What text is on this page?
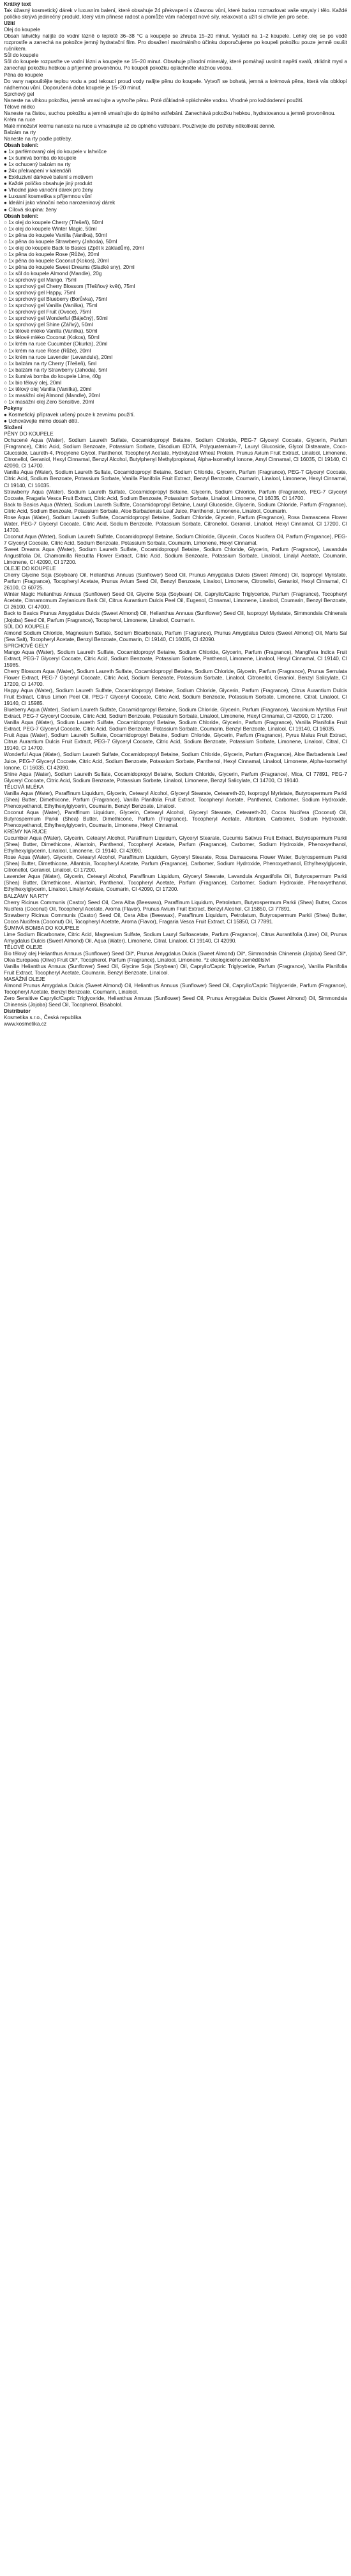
Krátký text
Tak úžasný kosmetický dárek v luxusním balení, které obsahuje 24 překvapení s úžasnou vůní, které budou rozmazlovat vaše smysly i tělo. Každé políčko skrývá jedinečný produkt, který vám přinese radost a pomůže vám načerpat nové síly, relaxovat a užít si chvíle jen pro sebe.
Užití
Olej do koupele
Obsah lahvičky nalijte do vodní lázně o teplotě 36–38 °C a koupejte se zhruba 15–20 minut. Vystačí na 1–2 koupele. Lehký olej se po vodě rozprostře a zanechá na pokožce jemný hydratační film. Pro dosažení maximálního účinku doporučujeme po koupeli pokožku pouze jemně osušit ručníkem.
Sůl do koupele
Sůl do koupele rozpusťte ve vodní lázni a koupejte se 15–20 minut. Obsahuje přírodní minerály, které pomáhají uvolnit napětí svalů, zklidnit mysl a zanechají pokožku hebkou a příjemně provoněnou. Po koupeli pokožku opláchněte vlažnou vodou.
Pěna do koupele
Do vany napouštějte teplou vodu a pod tekoucí proud vody nalijte pěnu do koupele. Vytvoří se bohatá, jemná a krémová pěna, která vás obklopí nádhernou vůní. Doporučená doba koupele je 15–20 minut.
Sprchový gel
Naneste na vlhkou pokožku, jemně vmasírujte a vytvořte pěnu. Poté důkladně opláchněte vodou. Vhodné pro každodenní použití.
Tělové mléko
Naneste na čistou, suchou pokožku a jemně vmasírujte do úplného vstřebání. Zanechává pokožku hebkou, hydratovanou a jemně provoněnou.
Krém na ruce
Malé množství krému naneste na ruce a vmasírujte až do úplného vstřebání. Používejte dle potřeby několikrát denně.
Balzám na rty
Naneste na rty podle potřeby.
Obsah balení:
● 1x parfémovaný olej do koupele v lahvičce
● 1x šumivá bomba do koupele
● 1x ochucený balzám na rty
● 24x překvapení v kalendáři
● Exkluzivní dárkové balení s motivem
● Každé políčko obsahuje jiný produkt
● Vhodné jako vánoční dárek pro ženy
● Luxusní kosmetika s příjemnou vůní
● Ideální jako vánoční nebo narozeninový dárek
● Cílová skupina: ženy
Obsah balení:
○ 1x olej do koupele Cherry (Třešeň), 50ml
○ 1x olej do koupele Winter Magic, 50ml
○ 1x pěna do koupele Vanilla (Vanilka), 50ml
○ 1x pěna do koupele Strawberry (Jahoda), 50ml
○ 1x olej do koupele Back to Basics (Zpět k základům), 20ml
○ 1x pěna do koupele Rose (Růže), 20ml
○ 1x pěna do koupele Coconut (Kokos), 20ml
○ 1x pěna do koupele Sweet Dreams (Sladké sny), 20ml
○ 1x sůl do koupele Almond (Mandle), 20g
○ 1x sprchový gel Mango, 75ml
○ 1x sprchový gel Cherry Blossom (Třešňový květ), 75ml
○ 1x sprchový gel Happy, 75ml
○ 1x sprchový gel Blueberry (Borůvka), 75ml
○ 1x sprchový gel Vanilla (Vanilka), 75ml
○ 1x sprchový gel Fruit (Ovoce), 75ml
○ 1x sprchový gel Wonderful (Báječný), 50ml
○ 1x sprchový gel Shine (Zářivý), 50ml
○ 1x tělové mléko Vanilla (Vanilka), 50ml
○ 1x tělové mléko Coconut (Kokos), 50ml
○ 1x krém na ruce Cucumber (Okurka), 20ml
○ 1x krém na ruce Rose (Růže), 20ml
○ 1x krém na ruce Lavender (Levandule), 20ml
○ 1x balzám na rty Cherry (Třešeň), 5ml
○ 1x balzám na rty Strawberry (Jahoda), 5ml
○ 1x šumivá bomba do koupele Lime, 40g
○ 1x bio tělový olej, 20ml
○ 1x tělový olej Vanilla (Vanilka), 20ml
○ 1x masážní olej Almond (Mandle), 20ml
○ 1x masážní olej Zero Sensitive, 20ml
Pokyny
● Kosmetický přípravek určený pouze k zevnímu použití.
● Uchovávejte mimo dosah dětí.
Složení
PĚNY DO KOUPELE
Ochucené Aqua (Water), Sodium Laureth Sulfate, Cocamidopropyl Betaine, Sodium Chloride, PEG-7 Glyceryl Cocoate, Glycerin, Parfum (Fragrance), Citric Acid, Sodium Benzoate, Potassium Sorbate, Disodium EDTA, Polyquaternium-7, Lauryl Glucoside, Glycol Distearate, Coco-Glucoside, Laureth-4, Propylene Glycol, Panthenol, Tocopheryl Acetate, Hydrolyzed Wheat Protein, Prunus Avium Fruit Extract, Linalool, Limonene, Citronellol, Geraniol, Hexyl Cinnamal, Benzyl Alcohol, Butylphenyl Methylpropional, Alpha-Isomethyl Ionone, Amyl Cinnamal, CI 16035, CI 19140, CI 42090, CI 14700.
Vanilla Aqua (Water), Sodium Laureth Sulfate, Cocamidopropyl Betaine, Sodium Chloride, Glycerin, Parfum (Fragrance), PEG-7 Glyceryl Cocoate, Citric Acid, Sodium Benzoate, Potassium Sorbate, Vanilla Planifolia Fruit Extract, Benzyl Benzoate, Coumarin, Linalool, Limonene, Hexyl Cinnamal, CI 19140, CI 16035.
Strawberry Aqua (Water), Sodium Laureth Sulfate, Cocamidopropyl Betaine, Glycerin, Sodium Chloride, Parfum (Fragrance), PEG-7 Glyceryl Cocoate, Fragaria Vesca Fruit Extract, Citric Acid, Sodium Benzoate, Potassium Sorbate, Linalool, Limonene, CI 16035, CI 14700.
Back to Basics Aqua (Water), Sodium Laureth Sulfate, Cocamidopropyl Betaine, Lauryl Glucoside, Glycerin, Sodium Chloride, Parfum (Fragrance), Citric Acid, Sodium Benzoate, Potassium Sorbate, Aloe Barbadensis Leaf Juice, Panthenol, Limonene, Linalool, Coumarin.
Rose Aqua (Water), Sodium Laureth Sulfate, Cocamidopropyl Betaine, Sodium Chloride, Glycerin, Parfum (Fragrance), Rosa Damascena Flower Water, PEG-7 Glyceryl Cocoate, Citric Acid, Sodium Benzoate, Potassium Sorbate, Citronellol, Geraniol, Linalool, Hexyl Cinnamal, CI 17200, CI 14700.
Coconut Aqua (Water), Sodium Laureth Sulfate, Cocamidopropyl Betaine, Sodium Chloride, Glycerin, Cocos Nucifera Oil, Parfum (Fragrance), PEG-7 Glyceryl Cocoate, Citric Acid, Sodium Benzoate, Potassium Sorbate, Coumarin, Limonene, Hexyl Cinnamal.
Sweet Dreams Aqua (Water), Sodium Laureth Sulfate, Cocamidopropyl Betaine, Sodium Chloride, Glycerin, Parfum (Fragrance), Lavandula Angustifolia Oil, Chamomilla Recutita Flower Extract, Citric Acid, Sodium Benzoate, Potassium Sorbate, Linalool, Linalyl Acetate, Coumarin, Limonene, CI 42090, CI 17200.
OLEJE DO KOUPELE
Cherry Glycine Soja (Soybean) Oil, Helianthus Annuus (Sunflower) Seed Oil, Prunus Amygdalus Dulcis (Sweet Almond) Oil, Isopropyl Myristate, Parfum (Fragrance), Tocopheryl Acetate, Prunus Avium Seed Oil, Benzyl Benzoate, Linalool, Limonene, Citronellol, Geraniol, Hexyl Cinnamal, CI 26100, CI 60725.
Winter Magic Helianthus Annuus (Sunflower) Seed Oil, Glycine Soja (Soybean) Oil, Caprylic/Capric Triglyceride, Parfum (Fragrance), Tocopheryl Acetate, Cinnamomum Zeylanicum Bark Oil, Citrus Aurantium Dulcis Peel Oil, Eugenol, Cinnamal, Limonene, Linalool, Coumarin, Benzyl Benzoate, CI 26100, CI 47000.
Back to Basics Prunus Amygdalus Dulcis (Sweet Almond) Oil, Helianthus Annuus (Sunflower) Seed Oil, Isopropyl Myristate, Simmondsia Chinensis (Jojoba) Seed Oil, Parfum (Fragrance), Tocopherol, Limonene, Linalool, Coumarin.
SŮL DO KOUPELE
Almond Sodium Chloride, Magnesium Sulfate, Sodium Bicarbonate, Parfum (Fragrance), Prunus Amygdalus Dulcis (Sweet Almond) Oil, Maris Sal (Sea Salt), Tocopheryl Acetate, Benzyl Benzoate, Coumarin, CI 19140, CI 16035, CI 42090.
SPRCHOVÉ GELY
Mango Aqua (Water), Sodium Laureth Sulfate, Cocamidopropyl Betaine, Sodium Chloride, Glycerin, Parfum (Fragrance), Mangifera Indica Fruit Extract, PEG-7 Glyceryl Cocoate, Citric Acid, Sodium Benzoate, Potassium Sorbate, Panthenol, Limonene, Linalool, Hexyl Cinnamal, CI 19140, CI 15985.
Cherry Blossom Aqua (Water), Sodium Laureth Sulfate, Cocamidopropyl Betaine, Sodium Chloride, Glycerin, Parfum (Fragrance), Prunus Serrulata Flower Extract, PEG-7 Glyceryl Cocoate, Citric Acid, Sodium Benzoate, Potassium Sorbate, Linalool, Citronellol, Geraniol, Benzyl Salicylate, CI 17200, CI 14700.
Happy Aqua (Water), Sodium Laureth Sulfate, Cocamidopropyl Betaine, Sodium Chloride, Glycerin, Parfum (Fragrance), Citrus Aurantium Dulcis Fruit Extract, Citrus Limon Peel Oil, PEG-7 Glyceryl Cocoate, Citric Acid, Sodium Benzoate, Potassium Sorbate, Limonene, Citral, Linalool, CI 19140, CI 15985.
Blueberry Aqua (Water), Sodium Laureth Sulfate, Cocamidopropyl Betaine, Sodium Chloride, Glycerin, Parfum (Fragrance), Vaccinium Myrtillus Fruit Extract, PEG-7 Glyceryl Cocoate, Citric Acid, Sodium Benzoate, Potassium Sorbate, Linalool, Limonene, Hexyl Cinnamal, CI 42090, CI 17200.
Vanilla Aqua (Water), Sodium Laureth Sulfate, Cocamidopropyl Betaine, Sodium Chloride, Glycerin, Parfum (Fragrance), Vanilla Planifolia Fruit Extract, PEG-7 Glyceryl Cocoate, Citric Acid, Sodium Benzoate, Potassium Sorbate, Coumarin, Benzyl Benzoate, Linalool, CI 19140, CI 16035.
Fruit Aqua (Water), Sodium Laureth Sulfate, Cocamidopropyl Betaine, Sodium Chloride, Glycerin, Parfum (Fragrance), Pyrus Malus Fruit Extract, Citrus Aurantium Dulcis Fruit Extract, PEG-7 Glyceryl Cocoate, Citric Acid, Sodium Benzoate, Potassium Sorbate, Limonene, Linalool, Citral, CI 19140, CI 14700.
Wonderful Aqua (Water), Sodium Laureth Sulfate, Cocamidopropyl Betaine, Sodium Chloride, Glycerin, Parfum (Fragrance), Aloe Barbadensis Leaf Juice, PEG-7 Glyceryl Cocoate, Citric Acid, Sodium Benzoate, Potassium Sorbate, Panthenol, Hexyl Cinnamal, Linalool, Limonene, Alpha-Isomethyl Ionone, CI 16035, CI 42090.
Shine Aqua (Water), Sodium Laureth Sulfate, Cocamidopropyl Betaine, Sodium Chloride, Glycerin, Parfum (Fragrance), Mica, CI 77891, PEG-7 Glyceryl Cocoate, Citric Acid, Sodium Benzoate, Potassium Sorbate, Linalool, Limonene, Benzyl Salicylate, CI 14700, CI 19140.
TĚLOVÁ MLÉKA
Vanilla Aqua (Water), Paraffinum Liquidum, Glycerin, Cetearyl Alcohol, Glyceryl Stearate, Ceteareth-20, Isopropyl Myristate, Butyrospermum Parkii (Shea) Butter, Dimethicone, Parfum (Fragrance), Vanilla Planifolia Fruit Extract, Tocopheryl Acetate, Panthenol, Carbomer, Sodium Hydroxide, Phenoxyethanol, Ethylhexylglycerin, Coumarin, Benzyl Benzoate, Linalool.
Coconut Aqua (Water), Paraffinum Liquidum, Glycerin, Cetearyl Alcohol, Glyceryl Stearate, Ceteareth-20, Cocos Nucifera (Coconut) Oil, Butyrospermum Parkii (Shea) Butter, Dimethicone, Parfum (Fragrance), Tocopheryl Acetate, Allantoin, Carbomer, Sodium Hydroxide, Phenoxyethanol, Ethylhexylglycerin, Coumarin, Limonene, Hexyl Cinnamal.
KRÉMY NA RUCE
Cucumber Aqua (Water), Glycerin, Cetearyl Alcohol, Paraffinum Liquidum, Glyceryl Stearate, Cucumis Sativus Fruit Extract, Butyrospermum Parkii (Shea) Butter, Dimethicone, Allantoin, Panthenol, Tocopheryl Acetate, Parfum (Fragrance), Carbomer, Sodium Hydroxide, Phenoxyethanol, Ethylhexylglycerin, Linalool, Limonene, CI 19140, CI 42090.
Rose Aqua (Water), Glycerin, Cetearyl Alcohol, Paraffinum Liquidum, Glyceryl Stearate, Rosa Damascena Flower Water, Butyrospermum Parkii (Shea) Butter, Dimethicone, Allantoin, Tocopheryl Acetate, Parfum (Fragrance), Carbomer, Sodium Hydroxide, Phenoxyethanol, Ethylhexylglycerin, Citronellol, Geraniol, Linalool, CI 17200.
Lavender Aqua (Water), Glycerin, Cetearyl Alcohol, Paraffinum Liquidum, Glyceryl Stearate, Lavandula Angustifolia Oil, Butyrospermum Parkii (Shea) Butter, Dimethicone, Allantoin, Panthenol, Tocopheryl Acetate, Parfum (Fragrance), Carbomer, Sodium Hydroxide, Phenoxyethanol, Ethylhexylglycerin, Linalool, Linalyl Acetate, Coumarin, CI 42090, CI 17200.
BALZÁMY NA RTY
Cherry Ricinus Communis (Castor) Seed Oil, Cera Alba (Beeswax), Paraffinum Liquidum, Petrolatum, Butyrospermum Parkii (Shea) Butter, Cocos Nucifera (Coconut) Oil, Tocopheryl Acetate, Aroma (Flavor), Prunus Avium Fruit Extract, Benzyl Alcohol, CI 15850, CI 77891.
Strawberry Ricinus Communis (Castor) Seed Oil, Cera Alba (Beeswax), Paraffinum Liquidum, Petrolatum, Butyrospermum Parkii (Shea) Butter, Cocos Nucifera (Coconut) Oil, Tocopheryl Acetate, Aroma (Flavor), Fragaria Vesca Fruit Extract, CI 15850, CI 77891.
ŠUMIVÁ BOMBA DO KOUPELE
Lime Sodium Bicarbonate, Citric Acid, Magnesium Sulfate, Sodium Lauryl Sulfoacetate, Parfum (Fragrance), Citrus Aurantifolia (Lime) Oil, Prunus Amygdalus Dulcis (Sweet Almond) Oil, Aqua (Water), Limonene, Citral, Linalool, CI 19140, CI 42090.
TĚLOVÉ OLEJE
Bio tělový olej Helianthus Annuus (Sunflower) Seed Oil*, Prunus Amygdalus Dulcis (Sweet Almond) Oil*, Simmondsia Chinensis (Jojoba) Seed Oil*, Olea Europaea (Olive) Fruit Oil*, Tocopherol, Parfum (Fragrance), Linalool, Limonene. *z ekologického zemědělství
Vanilla Helianthus Annuus (Sunflower) Seed Oil, Glycine Soja (Soybean) Oil, Caprylic/Capric Triglyceride, Parfum (Fragrance), Vanilla Planifolia Fruit Extract, Tocopheryl Acetate, Coumarin, Benzyl Benzoate, Linalool.
MASÁŽNÍ OLEJE
Almond Prunus Amygdalus Dulcis (Sweet Almond) Oil, Helianthus Annuus (Sunflower) Seed Oil, Caprylic/Capric Triglyceride, Parfum (Fragrance), Tocopheryl Acetate, Benzyl Benzoate, Coumarin, Linalool.
Zero Sensitive Caprylic/Capric Triglyceride, Helianthus Annuus (Sunflower) Seed Oil, Prunus Amygdalus Dulcis (Sweet Almond) Oil, Simmondsia Chinensis (Jojoba) Seed Oil, Tocopherol, Bisabolol.
Distributor
Kosmetika s.r.o., Česká republika
www.kosmetika.cz
